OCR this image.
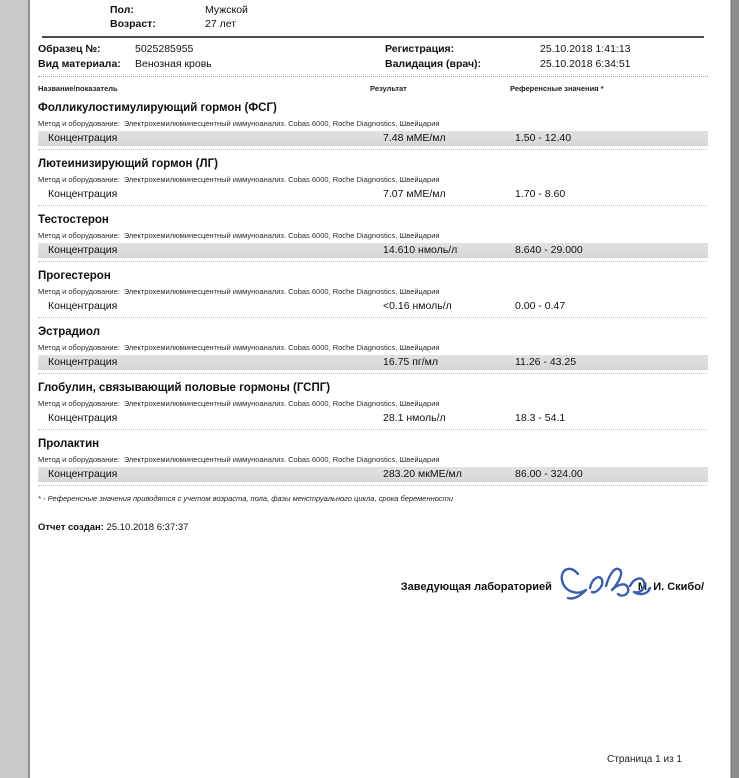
Пол:	Мужской
Возраст:	27 лет
Образец №:	5025285955	Регистрация:	25.10.2018 1:41:13
Вид материала:	Венозная кровь	Валидация (врач):	25.10.2018 6:34:51
Название/показатель	Результат	Референсные значения *
Фолликулостимулирующий гормон (ФСГ)
Метод и оборудование: Электрохемилюминесцентный иммуноанализ. Cobas 6000, Roche Diagnostics, Швейцария
Концентрация	7.48 мМЕ/мл	1.50 - 12.40
Лютеинизирующий гормон (ЛГ)
Метод и оборудование: Электрохемилюминесцентный иммуноанализ. Cobas 6000, Roche Diagnostics, Швейцария
Концентрация	7.07 мМЕ/мл	1.70 - 8.60
Тестостерон
Метод и оборудование: Электрохемилюминесцентный иммуноанализ. Cobas 6000, Roche Diagnostics, Швейцария
Концентрация	14.610 нмоль/л	8.640 - 29.000
Прогестерон
Метод и оборудование: Электрохемилюминесцентный иммуноанализ. Cobas 6000, Roche Diagnostics, Швейцария
Концентрация	<0.16 нмоль/л	0.00 - 0.47
Эстрадиол
Метод и оборудование: Электрохемилюминесцентный иммуноанализ. Cobas 6000, Roche Diagnostics, Швейцария
Концентрация	16.75 пг/мл	11.26 - 43.25
Глобулин, связывающий половые гормоны (ГСПГ)
Метод и оборудование: Электрохемилюминесцентный иммуноанализ. Cobas 6000, Roche Diagnostics, Швейцария
Концентрация	28.1 нмоль/л	18.3 - 54.1
Пролактин
Метод и оборудование: Электрохемилюминесцентный иммуноанализ. Cobas 6000, Roche Diagnostics, Швейцария
Концентрация	283.20 мкМЕ/мл	86.00 - 324.00
* - Референсные значения приводятся с учетом возраста, пола, фазы менструального цикла, срока беременности
Отчет создан: 25.10.2018 6:37:37
Заведующая лабораторией	М. И. Скибо/
Страница 1 из 1
